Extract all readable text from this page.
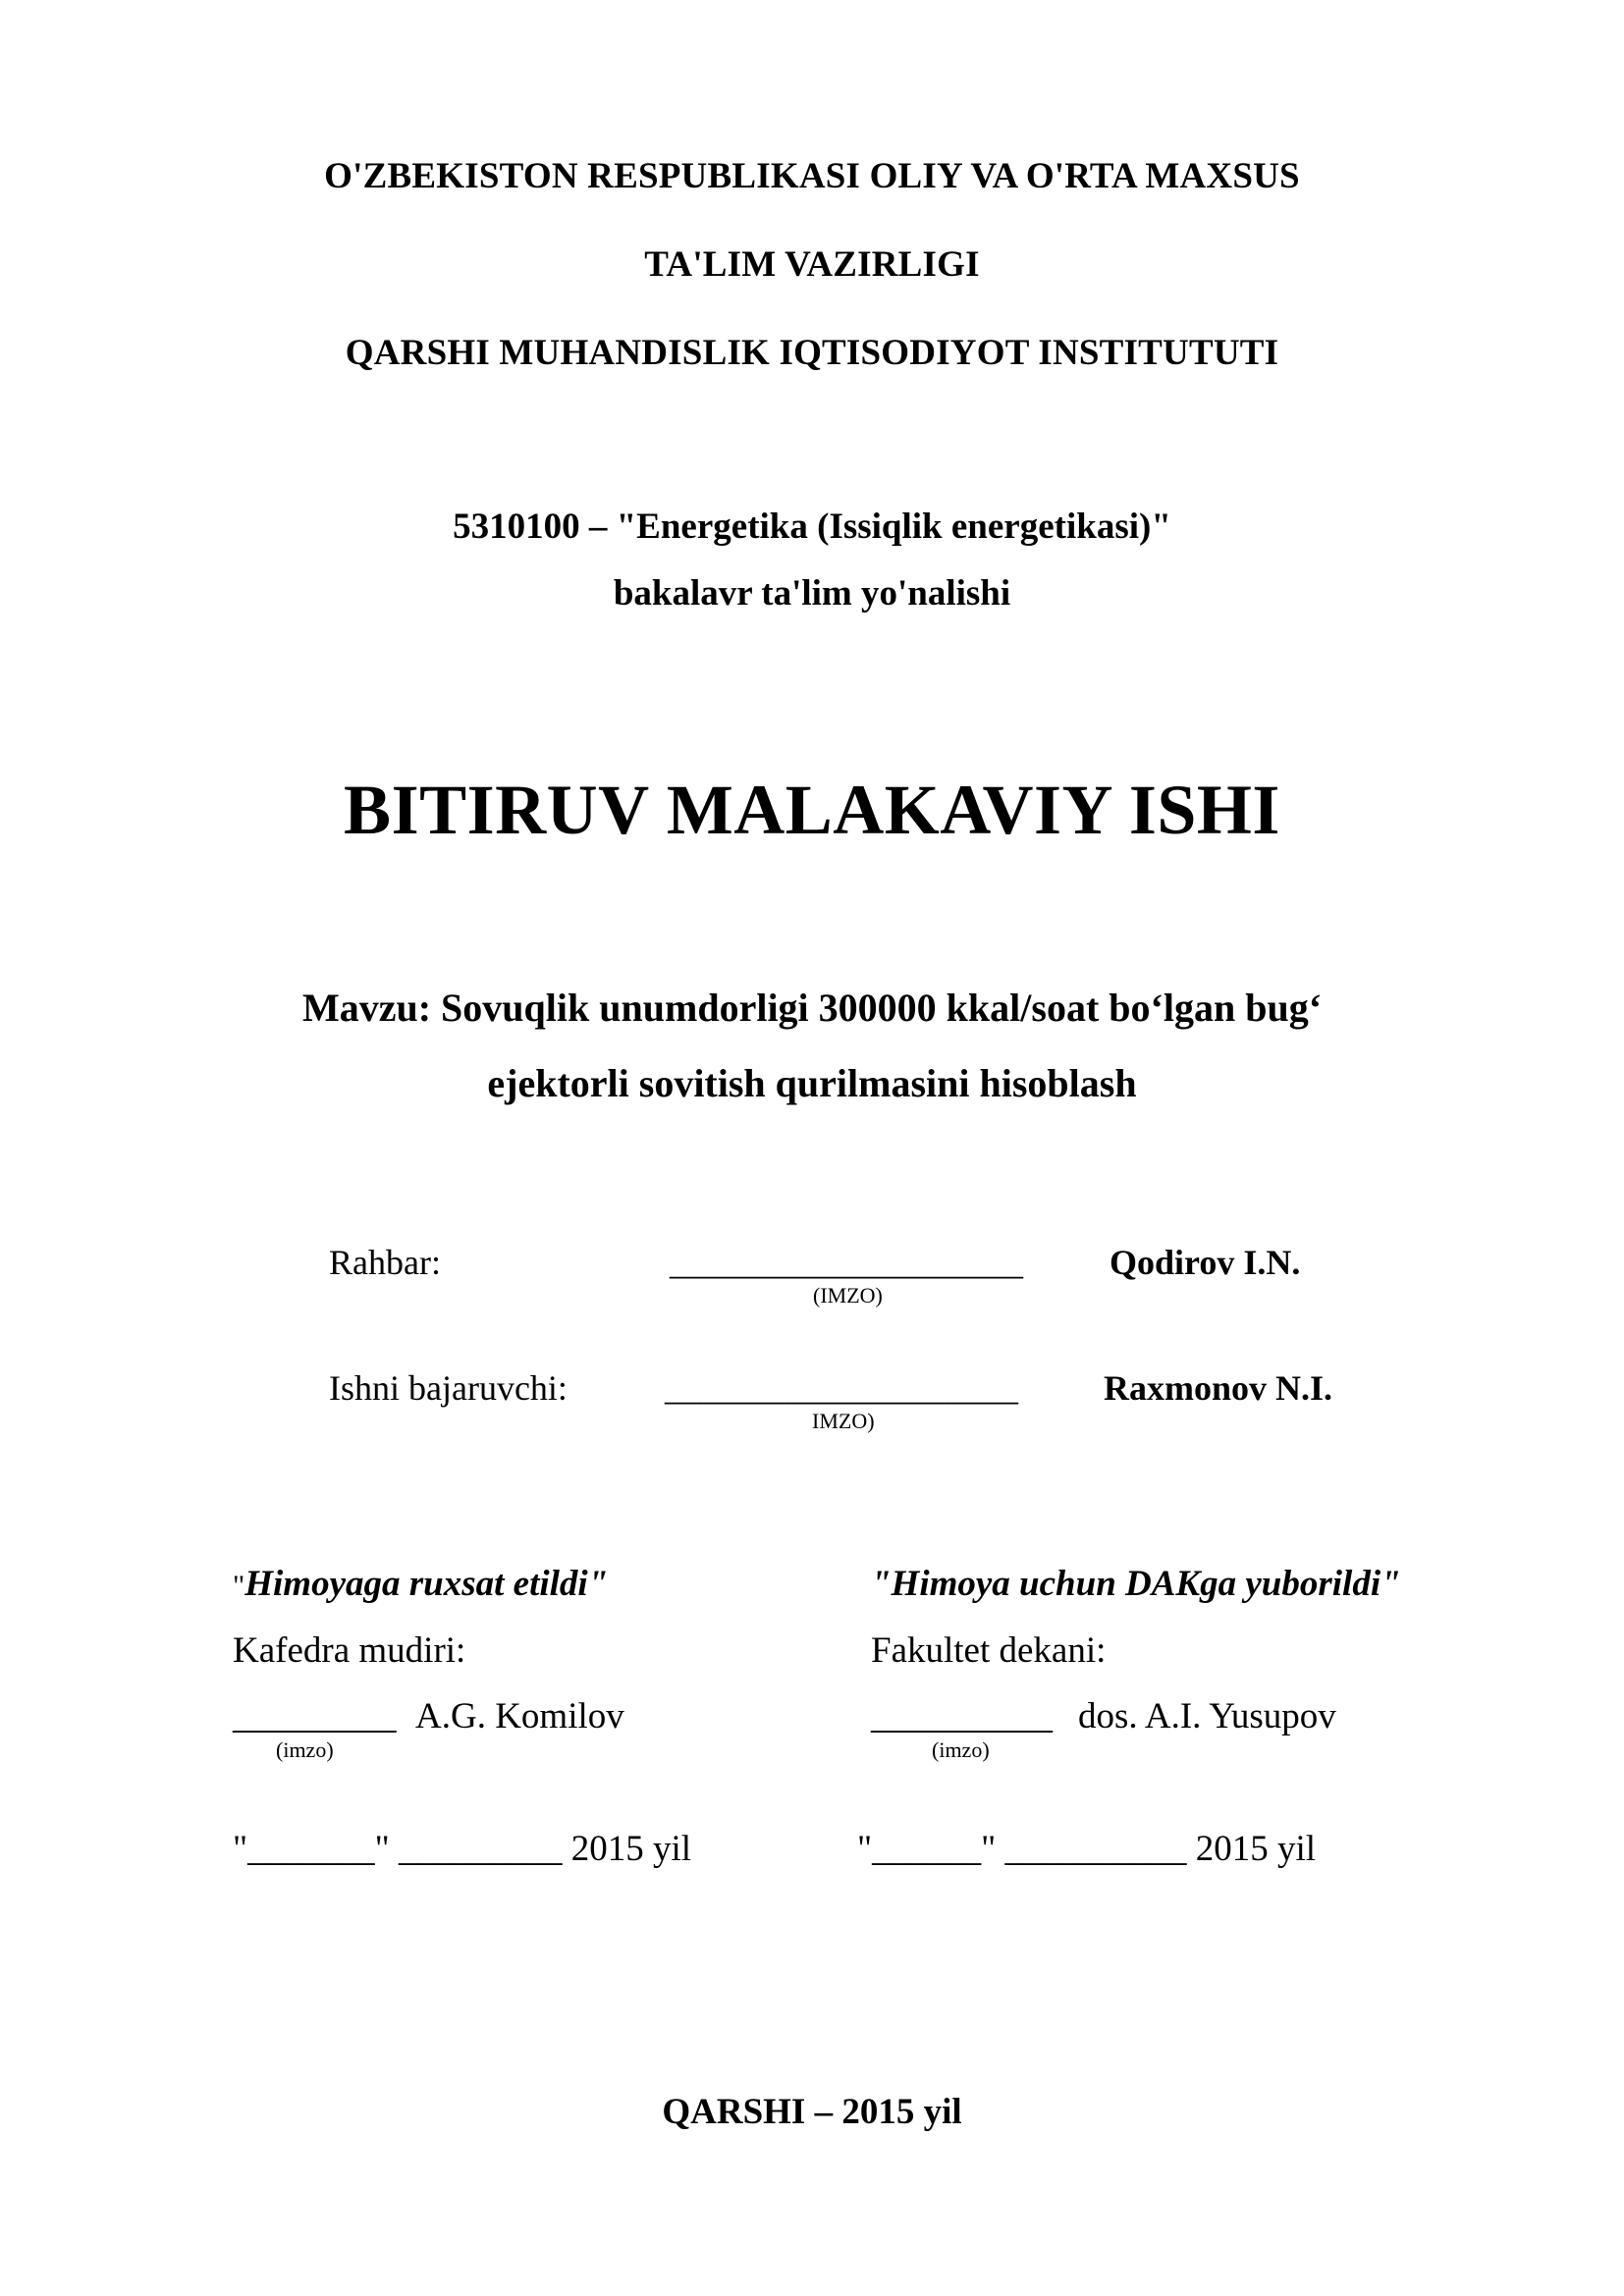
O'ZBEKISTON RESPUBLIKASI OLIY VA O'RTA MAXSUS
TA'LIM VAZIRLIGI
QARSHI MUHANDISLIK IQTISODIYOT INSTITUTUTI
5310100 – "Energetika (Issiqlik energetikasi)"
bakalavr ta'lim yo'nalishi
BITIRUV MALAKAVIY ISHI
Mavzu: Sovuqlik unumdorligi 300000 kkal/soat bo‘lgan bug‘
ejektorli sovitish qurilmasini hisoblash
Rahbar:	____________________
(IMZO)
Qodirov I.N.
Ishni bajaruvchi:	____________________
IMZO)
Raxmonov N.I.
"Himoyaga ruxsat etildi"
Kafedra mudiri:
_________ A.G. Komilov
(imzo)
"_______" _________ 2015 yil
"Himoya uchun DAKga yuborildi"
Fakultet dekani:
__________ dos. A.I. Yusupov
(imzo)
"______" __________ 2015 yil
QARSHI – 2015 yil
